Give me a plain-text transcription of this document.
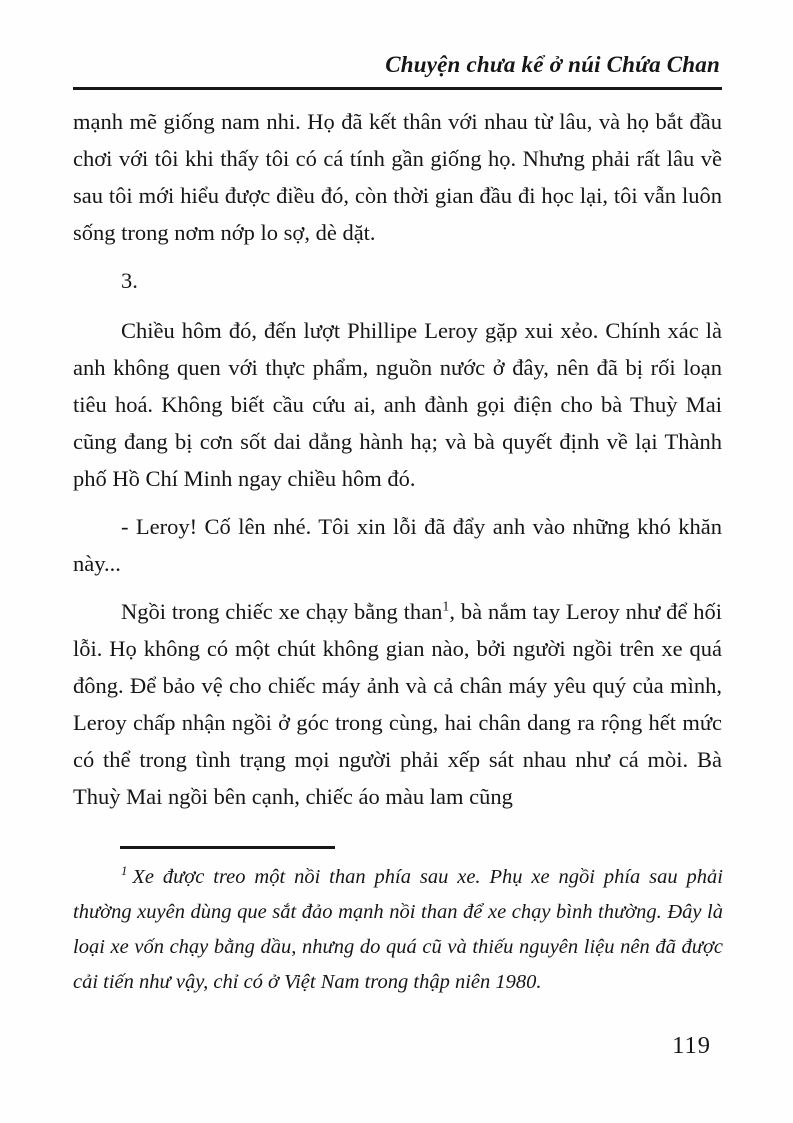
Chuyện chưa kể ở núi Chứa Chan

mạnh mẽ giống nam nhi. Họ đã kết thân với nhau từ lâu, và họ bắt đầu chơi với tôi khi thấy tôi có cá tính gần giống họ. Nhưng phải rất lâu về sau tôi mới hiểu được điều đó, còn thời gian đầu đi học lại, tôi vẫn luôn sống trong nơm nớp lo sợ, dè dặt.

3.

Chiều hôm đó, đến lượt Phillipe Leroy gặp xui xẻo. Chính xác là anh không quen với thực phẩm, nguồn nước ở đây, nên đã bị rối loạn tiêu hoá. Không biết cầu cứu ai, anh đành gọi điện cho bà Thuỳ Mai cũng đang bị cơn sốt dai dẳng hành hạ; và bà quyết định về lại Thành phố Hồ Chí Minh ngay chiều hôm đó.

- Leroy! Cố lên nhé. Tôi xin lỗi đã đẩy anh vào những khó khăn này...

Ngồi trong chiếc xe chạy bằng than$^1$, bà nắm tay Leroy như để hối lỗi. Họ không có một chút không gian nào, bởi người ngồi trên xe quá đông. Để bảo vệ cho chiếc máy ảnh và cả chân máy yêu quý của mình, Leroy chấp nhận ngồi ở góc trong cùng, hai chân dang ra rộng hết mức có thể trong tình trạng mọi người phải xếp sát nhau như cá mòi. Bà Thuỳ Mai ngồi bên cạnh, chiếc áo màu lam cũng

$^1$ Xe được treo một nồi than phía sau xe. Phụ xe ngồi phía sau phải thường xuyên dùng que sắt đảo mạnh nồi than để xe chạy bình thường. Đây là loại xe vốn chạy bằng dầu, nhưng do quá cũ và thiếu nguyên liệu nên đã được cải tiến như vậy, chỉ có ở Việt Nam trong thập niên 1980.

119
